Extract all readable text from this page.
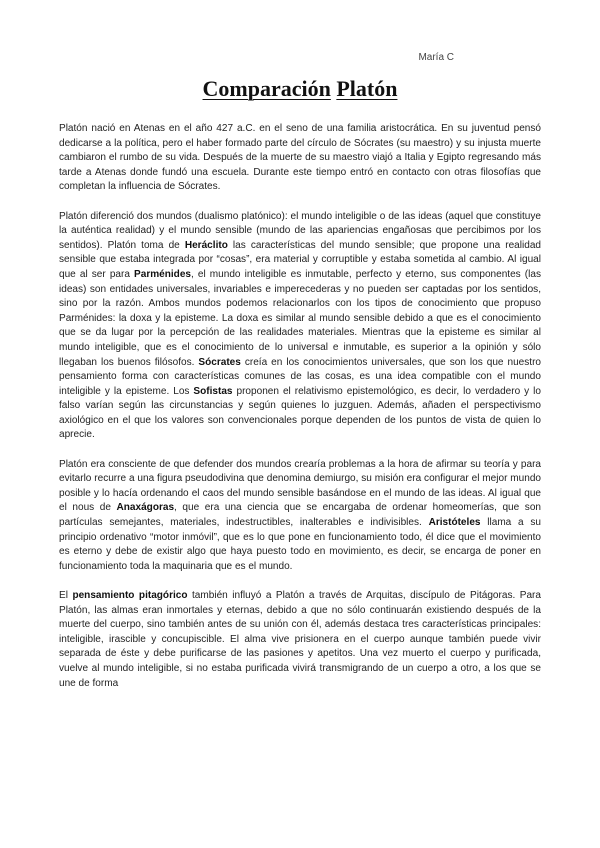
María C
Comparación Platón

Platón nació en Atenas en el año 427 a.C. en el seno de una familia aristocrática. En su juventud pensó dedicarse a la política, pero el haber formado parte del círculo de Sócrates (su maestro) y su injusta muerte cambiaron el rumbo de su vida. Después de la muerte de su maestro viajó a Italia y Egipto regresando más tarde a Atenas donde fundó una escuela. Durante este tiempo entró en contacto con otras filosofías que completan la influencia de Sócrates.

Platón diferenció dos mundos (dualismo platónico): el mundo inteligible o de las ideas (aquel que constituye la auténtica realidad) y el mundo sensible (mundo de las apariencias engañosas que percibimos por los sentidos). Platón toma de Heráclito las características del mundo sensible; que propone una realidad sensible que estaba integrada por “cosas”, era material y corruptible y estaba sometida al cambio. Al igual que al ser para Parménides, el mundo inteligible es inmutable, perfecto y eterno, sus componentes (las ideas) son entidades universales, invariables e imperecederas y no pueden ser captadas por los sentidos, sino por la razón. Ambos mundos podemos relacionarlos con los tipos de conocimiento que propuso Parménides: la doxa y la episteme. La doxa es similar al mundo sensible debido a que es el conocimiento que se da lugar por la percepción de las realidades materiales. Mientras que la episteme es similar al mundo inteligible, que es el conocimiento de lo universal e inmutable, es superior a la opinión y sólo llegaban los buenos filósofos. Sócrates creía en los conocimientos universales, que son los que nuestro pensamiento forma con características comunes de las cosas, es una idea compatible con el mundo inteligible y la episteme. Los Sofistas proponen el relativismo epistemológico, es decir, lo verdadero y lo falso varían según las circunstancias y según quienes lo juzguen. Además, añaden el perspectivismo axiológico en el que los valores son convencionales porque dependen de los puntos de vista de quien lo aprecie.

Platón era consciente de que defender dos mundos crearía problemas a la hora de afirmar su teoría y para evitarlo recurre a una figura pseudodivina que denomina demiurgo, su misión era configurar el mejor mundo posible y lo hacía ordenando el caos del mundo sensible basándose en el mundo de las ideas. Al igual que el nous de Anaxágoras, que era una ciencia que se encargaba de ordenar homeomerías, que son partículas semejantes, materiales, indestructibles, inalterables e indivisibles. Aristóteles llama a su principio ordenativo “motor inmóvil”, que es lo que pone en funcionamiento todo, él dice que el movimiento es eterno y debe de existir algo que haya puesto todo en movimiento, es decir, se encarga de poner en funcionamiento toda la maquinaria que es el mundo.

El pensamiento pitagórico también influyó a Platón a través de Arquitas, discípulo de Pitágoras. Para Platón, las almas eran inmortales y eternas, debido a que no sólo continuarán existiendo después de la muerte del cuerpo, sino también antes de su unión con él, además destaca tres características principales: inteligible, irascible y concupiscible. El alma vive prisionera en el cuerpo aunque también puede vivir separada de éste y debe purificarse de las pasiones y apetitos. Una vez muerto el cuerpo y purificada, vuelve al mundo inteligible, si no estaba purificada vivirá transmigrando de un cuerpo a otro, a los que se une de forma
